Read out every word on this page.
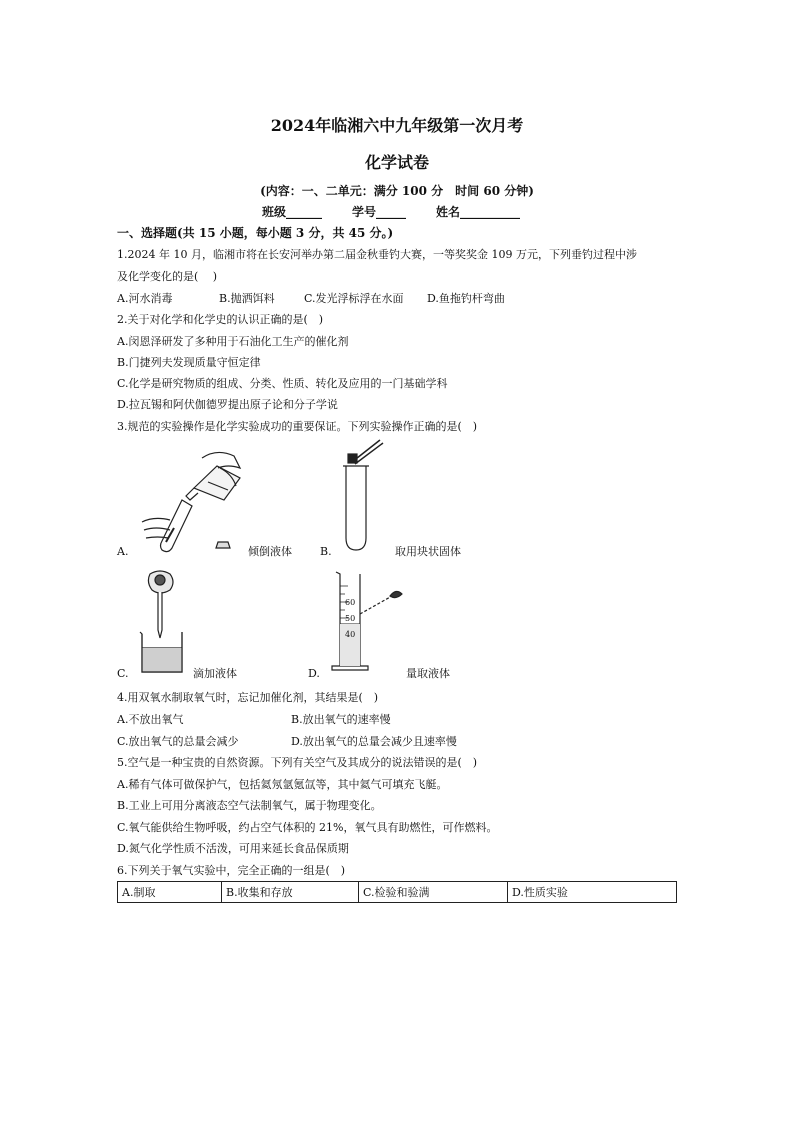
2024年临湘六中九年级第一次月考
化学试卷
(内容：一、二单元：满分 100 分　时间 60 分钟)
班级______ 学号_____ 姓名__________
一、选择题(共 15 小题，每小题 3 分，共 45 分。)
1.2024 年 10 月，临湘市将在长安河举办第二届金秋垂钓大赛，一等奖奖金 109 万元，下列垂钓过程中涉
及化学变化的是(　 )
A.河水消毒	B.抛洒饵料	C.发光浮标浮在水面 D.鱼拖钓杆弯曲
2.关于对化学和化学史的认识正确的是(　)
A.闵恩泽研发了多种用于石油化工生产的催化剂
B.门捷列夫发现质量守恒定律
C.化学是研究物质的组成、分类、性质、转化及应用的一门基础学科
D.拉瓦锡和阿伏伽德罗提出原子论和分子学说
3.规范的实验操作是化学实验成功的重要保证。下列实验操作正确的是(　)
A.	倾倒液体	B.	取用块状固体
C.	滴加液体
60
50
40
D.	量取液体
4.用双氧水制取氧气时，忘记加催化剂，其结果是(　)
A.不放出氧气	B.放出氧气的速率慢
C.放出氧气的总量会减少	D.放出氧气的总量会减少且速率慢
5.空气是一种宝贵的自然资源。下列有关空气及其成分的说法错误的是(　)
A.稀有气体可做保护气，包括氦氖氩氪氙等，其中氦气可填充飞艇。
B.工业上可用分离液态空气法制氧气，属于物理变化。
C.氧气能供给生物呼吸，约占空气体积的 21%，氧气具有助燃性，可作燃料。
D.氮气化学性质不活泼，可用来延长食品保质期
6.下列关于氧气实验中，完全正确的一组是(　)
A.制取	B.收集和存放	C.检验和验满	D.性质实验
